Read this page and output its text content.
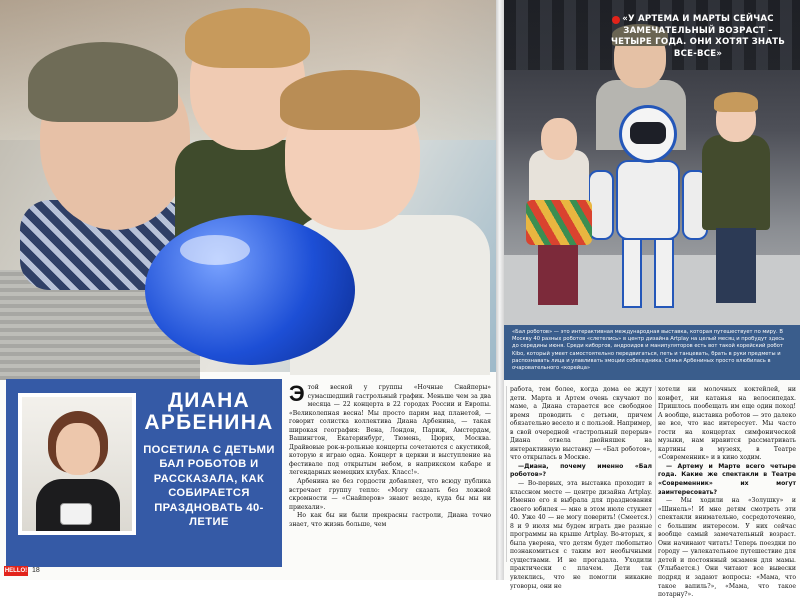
«У АРТЕМА И МАРТЫ СЕЙЧАС ЗАМЕЧАТЕЛЬНЫЙ ВОЗРАСТ – ЧЕТЫРЕ ГОДА. ОНИ ХОТЯТ ЗНАТЬ ВСЕ-ВСЕ»
«Бал роботов» — это интерактивная международная выставка, которая путешествует по миру. В Москву 40 разных роботов «слетелись» в центр дизайна Artplay на целый месяц и пробудут здесь до середины июня. Среди киборгов, андроидов и манипуляторов есть вот такой корейский робот Kibo, который умеет самостоятельно передвигаться, петь и танцевать, брать в руки предметы и распознавать лица и улавливать эмоции собеседника. Семья Арбениных просто влюбилась в очаровательного «корейца»
ДИАНА АРБЕНИНА
ПОСЕТИЛА С ДЕТЬМИ БАЛ РОБОТОВ И РАССКАЗАЛА, КАК СОБИРАЕТСЯ ПРАЗДНОВАТЬ 40-ЛЕТИЕ

Этой весной у группы «Ночные Снайперы» сумасшедший гастрольный график. Меньше чем за два месяца — 22 концерта в 22 городах России и Европы. «Великолепная весна! Мы просто парим над планетой, — говорит солистка коллектива Диана Арбенина, — такая широкая география: Вена, Лондон, Париж, Амстердам, Вашингтон, Екатеринбург, Тюмень, Цюрих, Москва. Драйвовые рок-н-рольные концерты сочетаются с акустикой, которую я играю одна. Концерт в церкви и выступление на фестивале под открытым небом, в наприкском кабаре и легендарных немецких клубах. Класс!».

Арбенина не без гордости добавляет, что всюду публика встречает группу тепло: «Могу сказать без ложной скромности — «Снайперов» знают везде, куда бы мы ни приехали».

Но как бы ни были прекрасны гастроли, Диана точно знает, что жизнь больше, чем

работа, тем более, когда дома ее ждут дети. Марта и Артем очень скучают по маме, а Диана старается все свободное время проводить с детьми, причем обязательно весело и с пользой. Например, в свой очередной «гастрольный перерыв» Диана отвела двойняшек на интерактивную выставку — «Бал роботов», что открылась в Москве.

—Диана, почему именно «Бал роботов»?

— Во-первых, эта выставка проходит в классном месте — центре дизайна Artplay. Именно его я выбрала для празднования своего юбилея — мне в этом июле стукнет 40. Уже 40 — не могу поверить! (Смеется.) 8 и 9 июля мы будем играть две разные программы на крыше Artplay. Во-вторых, я была уверена, что детям будет любопытно познакомиться с таким вот необычными существами. И не прогадала. Уходили практически с плачем. Дети так увлеклись, что не помогли никакие уговоры, они не

хотели ни молочных коктейлей, ни конфет, ни катанья на велосипедах. Пришлось пообещать им еще один поход! А вообще, выставка роботов — это далеко не все, что нас интересует. Мы часто гости на концертах симфонической музыки, нам нравится рассматривать картины в музеях, в Театре «Современник» и в кино ходим.

— Артему и Марте всего четыре года. Какие же спектакли в Театре «Современник» их могут заинтересовать?

— Мы ходили на «Золушку» и «Шинель»! И мне детям смотреть эти спектакли внимательно, сосредоточенно, с большим интересом. У них сейчас вообще самый замечательный возраст. Они начинают читать! Теперь поездки по городу — увлекательное путешествие для детей и постоянный экзамен для мамы. (Улыбается.) Они читают все вывески подряд и задают вопросы: «Мама, что такое вапиль?», «Мама, что такое потарну?».

HELLO! 18
